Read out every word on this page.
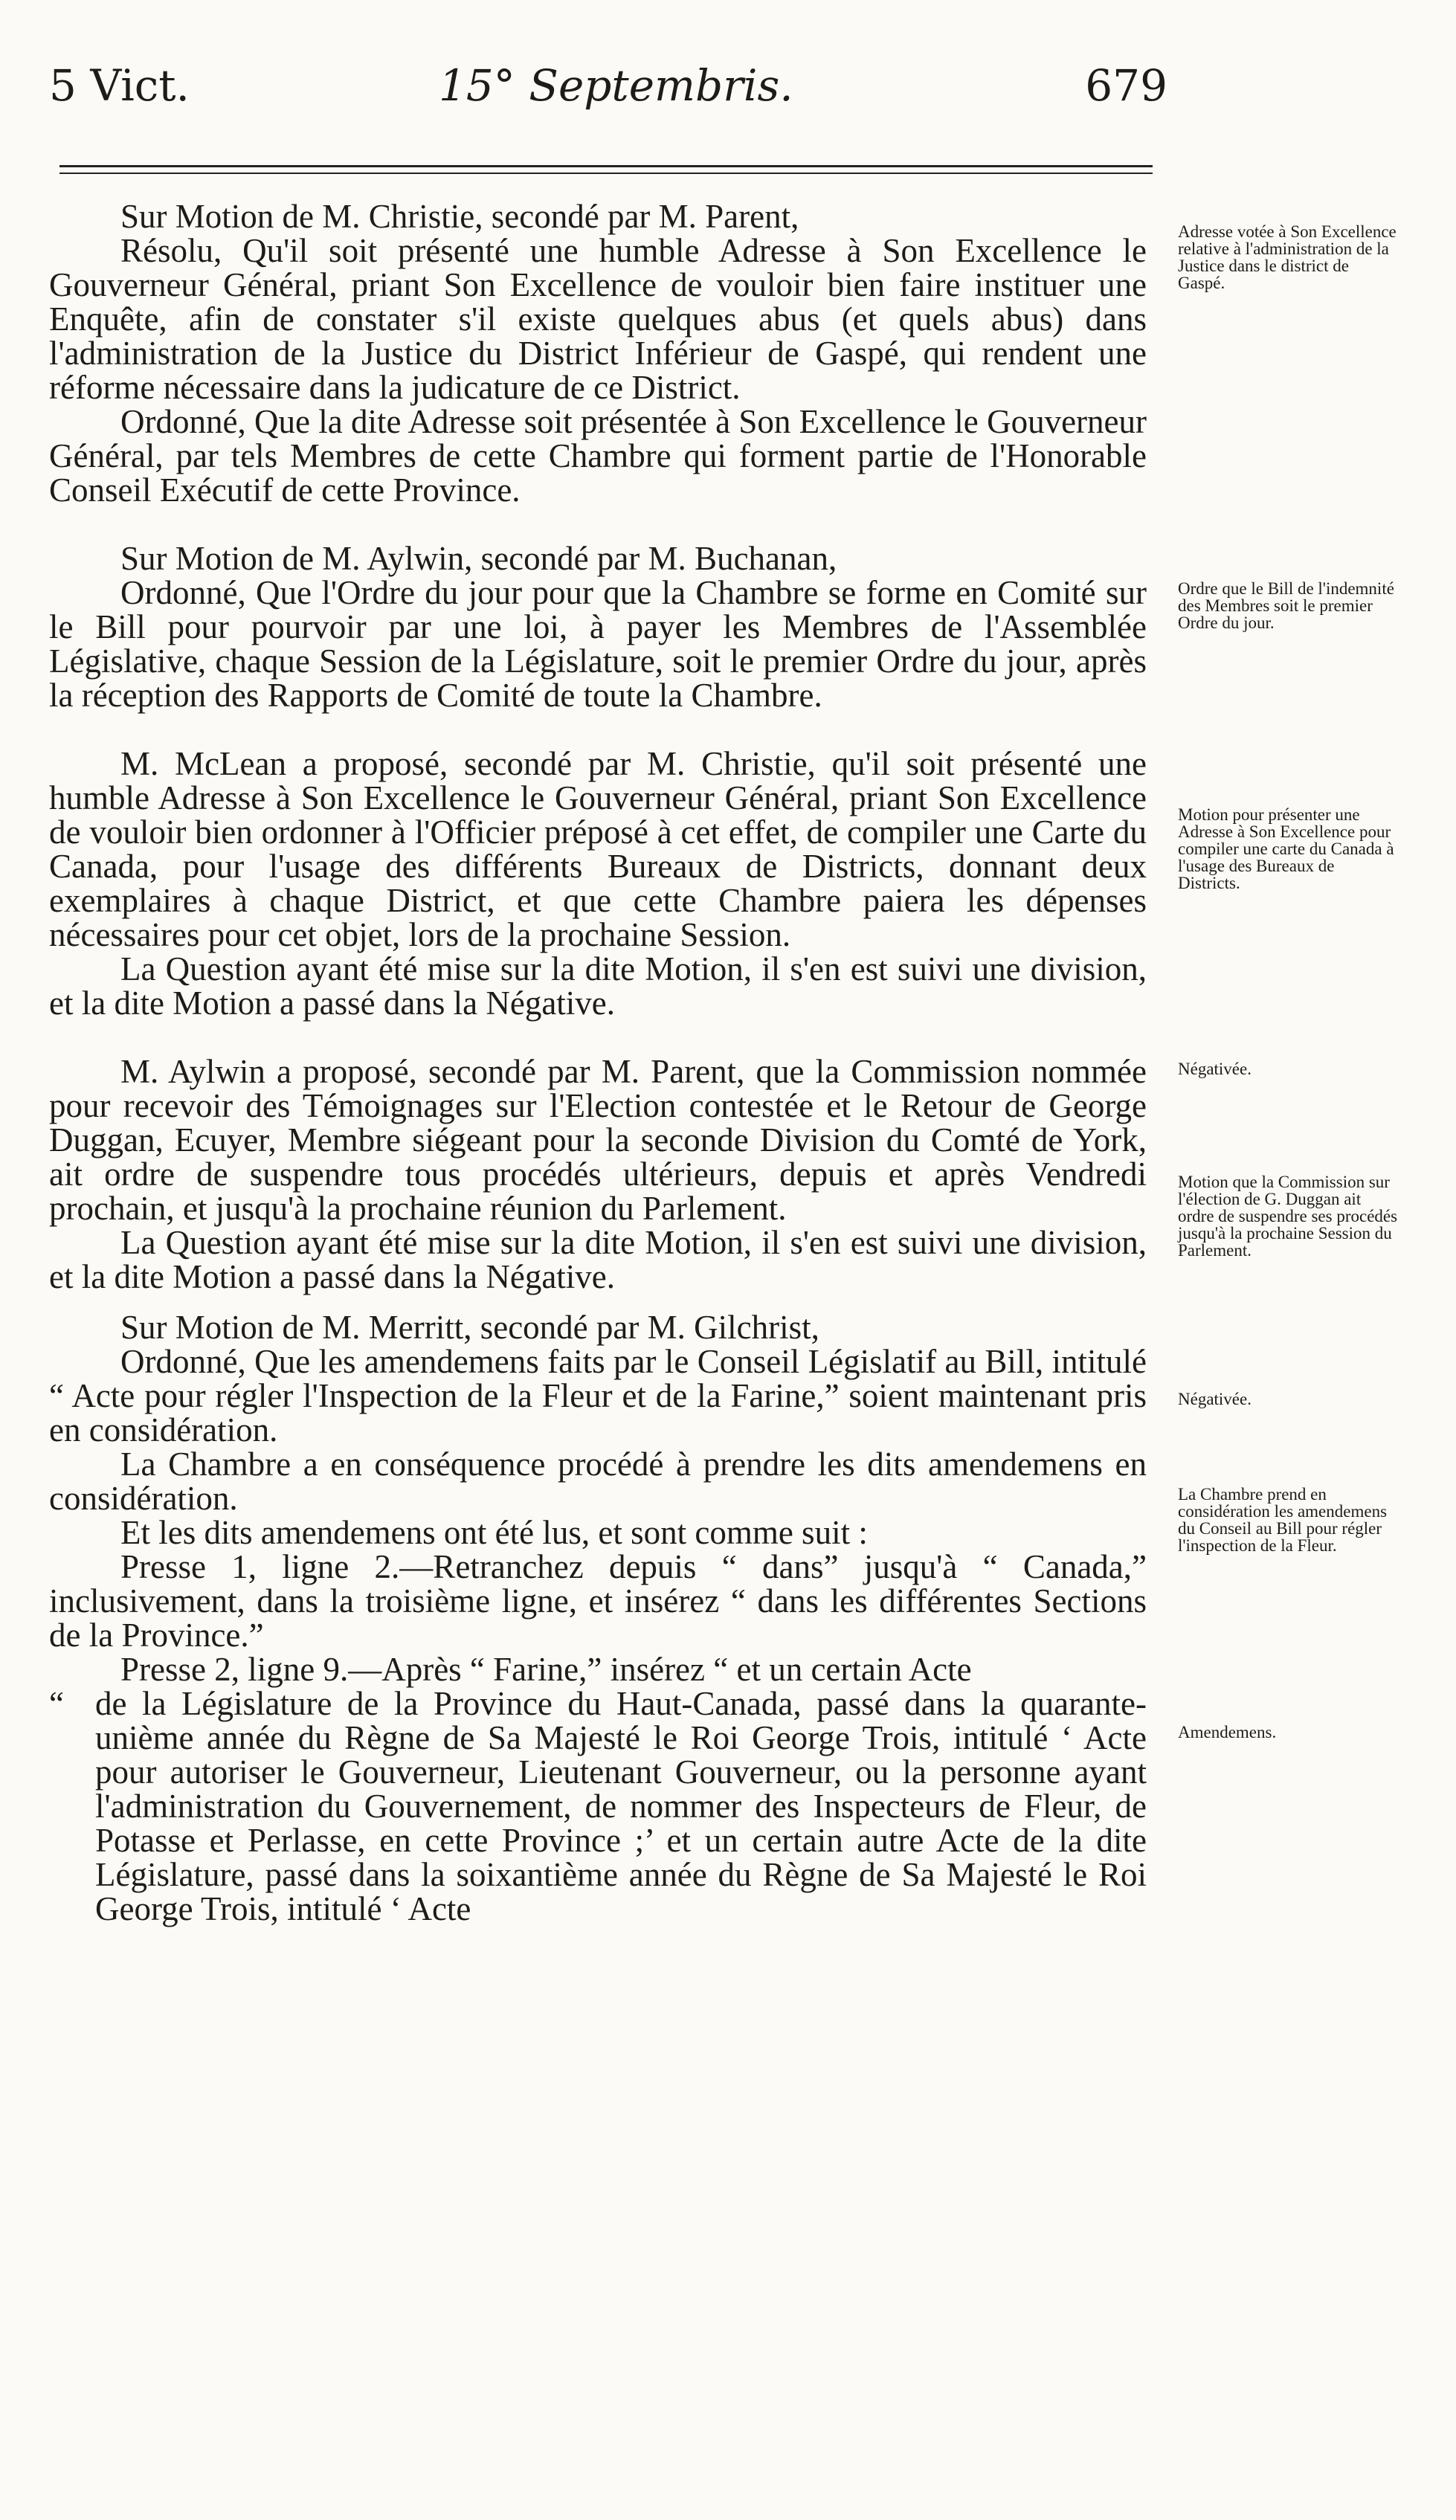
5 Vict.	15° Septembris.	679

Sur Motion de M. Christie, secondé par M. Parent,

Résolu, Qu'il soit présenté une humble Adresse à Son Excellence le Gouverneur Général, priant Son Excellence de vouloir bien faire instituer une Enquête, afin de constater s'il existe quelques abus (et quels abus) dans l'administration de la Justice du District Inférieur de Gaspé, qui rendent une réforme nécessaire dans la judicature de ce District.

Ordonné, Que la dite Adresse soit présentée à Son Excellence le Gouverneur Général, par tels Membres de cette Chambre qui forment partie de l'Honorable Conseil Exécutif de cette Province.

Sur Motion de M. Aylwin, secondé par M. Buchanan,

Ordonné, Que l'Ordre du jour pour que la Chambre se forme en Comité sur le Bill pour pourvoir par une loi, à payer les Membres de l'Assemblée Législative, chaque Session de la Législature, soit le premier Ordre du jour, après la réception des Rapports de Comité de toute la Chambre.

M. McLean a proposé, secondé par M. Christie, qu'il soit présenté une humble Adresse à Son Excellence le Gouverneur Général, priant Son Excellence de vouloir bien ordonner à l'Officier préposé à cet effet, de compiler une Carte du Canada, pour l'usage des différents Bureaux de Districts, donnant deux exemplaires à chaque District, et que cette Chambre paiera les dépenses nécessaires pour cet objet, lors de la prochaine Session.

La Question ayant été mise sur la dite Motion, il s'en est suivi une division, et la dite Motion a passé dans la Négative.

M. Aylwin a proposé, secondé par M. Parent, que la Commission nommée pour recevoir des Témoignages sur l'Election contestée et le Retour de George Duggan, Ecuyer, Membre siégeant pour la seconde Division du Comté de York, ait ordre de suspendre tous procédés ultérieurs, depuis et après Vendredi prochain, et jusqu'à la prochaine réunion du Parlement.

La Question ayant été mise sur la dite Motion, il s'en est suivi une division, et la dite Motion a passé dans la Négative.

Sur Motion de M. Merritt, secondé par M. Gilchrist,

Ordonné, Que les amendemens faits par le Conseil Législatif au Bill, intitulé “ Acte pour régler l'Inspection de la Fleur et de la Farine,” soient maintenant pris en considération.

La Chambre a en conséquence procédé à prendre les dits amendemens en considération.

Et les dits amendemens ont été lus, et sont comme suit :

Presse 1, ligne 2.—Retranchez depuis “ dans” jusqu'à “ Canada,” inclusivement, dans la troisième ligne, et insérez “ dans les différentes Sections de la Province.”

Presse 2, ligne 9.—Après “ Farine,” insérez “ et un certain Acte

“ de la Législature de la Province du Haut-Canada, passé dans la quarante-unième année du Règne de Sa Majesté le Roi George Trois, intitulé ‘ Acte pour autoriser le Gouverneur, Lieutenant Gouverneur, ou la personne ayant l'administration du Gouvernement, de nommer des Inspecteurs de Fleur, de Potasse et Perlasse, en cette Province ;’ et un certain autre Acte de la dite Législature, passé dans la soixantième année du Règne de Sa Majesté le Roi George Trois, intitulé ‘ Acte

Adresse votée à Son Excellence relative à l'administration de la Justice dans le district de Gaspé.
Ordre que le Bill de l'indemnité des Membres soit le premier Ordre du jour.
Motion pour présenter une Adresse à Son Excellence pour compiler une carte du Canada à l'usage des Bureaux de Districts.
Négativée.
Motion que la Commission sur l'élection de G. Duggan ait ordre de suspendre ses procédés jusqu'à la prochaine Session du Parlement.
Négativée.
La Chambre prend en considération les amendemens du Conseil au Bill pour régler l'inspection de la Fleur.
Amendemens.
